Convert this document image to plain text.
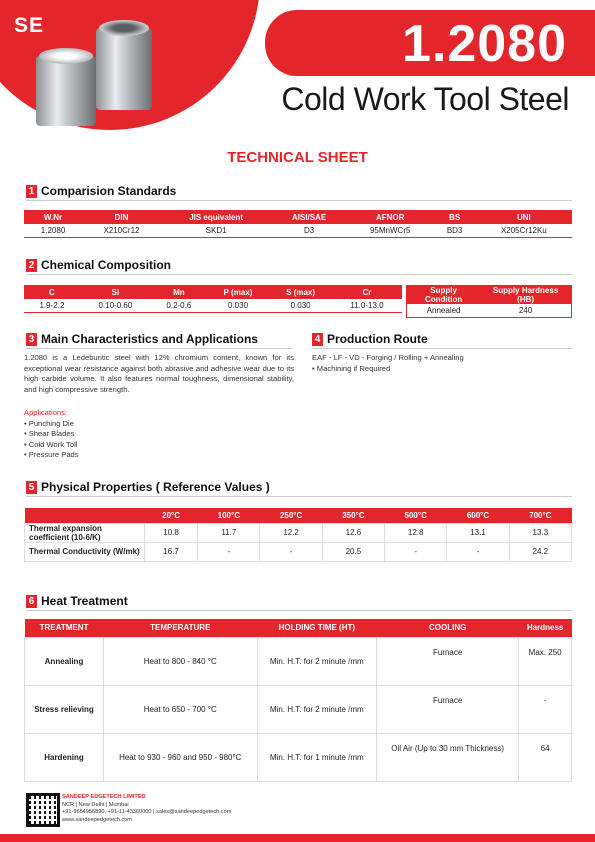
SE	1.2080
Cold Work Tool Steel
TECHNICAL SHEET
1 Comparision Standards
W.Nr	DIN	JIS equivalent	AISI/SAE	AFNOR	BS	UNI
1.2080	X210Cr12	SKD1	D3	95MnWCr5	BD3	X205Cr12Ku
2 Chemical Composition
C	Si	Mn	P (max)	S (max)	Cr
1.9-2.2	0.10-0.60	0.2-0.6	0.030	0.030	11.0-13.0
Supply Condition	Supply Hardness (HB)
Annealed	240
3 Main Characteristics and Applications
1.2080 is a Ledeburitic steel with 12% chromium content, known for its exceptional wear resistance against both abrasive and adhesive wear due to its high carbide volume. It also features normal toughness, dimensional stability, and high compressive strength.
Applications:
• Punching Die
• Shear Blades
• Cold Work Toll
• Pressure Pads
4 Production Route
EAF - LF - VD - Forging / Rolling + Annealing
• Machining if Required
5 Physical Properties ( Reference Values )
	20°C	100°C	250°C	350°C	500°C	600°C	700°C
Thermal expansion coefficient (10-6/K)	10.8	11.7	12.2	12.6	12.8	13.1	13.3
Thermal Conductivity (W/mk)	16.7	-	-	20.5	-	-	24.2
6 Heat Treatment
TREATMENT	TEMPERATURE	HOLDING TIME (HT)	COOLING	Hardness
Annealing	Heat to 800 - 840 °C	Min. H.T. for 2 minute /mm	Furnace	Max. 250
Stress relieving	Heat to 650 - 700 °C	Min. H.T. for 2 minute /mm	Furnace	-
Hardening	Heat to 930 - 960 and 950 - 980°C	Min. H.T. for 1 minute /mm	Oil Air (Up to 30 mm Thickness)	64
SANDEEP EDGETECH LIMITED
NCR | New Delhi | Mumbai
+91-9654956890, +91-11-43360000 | sales@sandeepedgetech.com
www.sandeepedgetech.com
